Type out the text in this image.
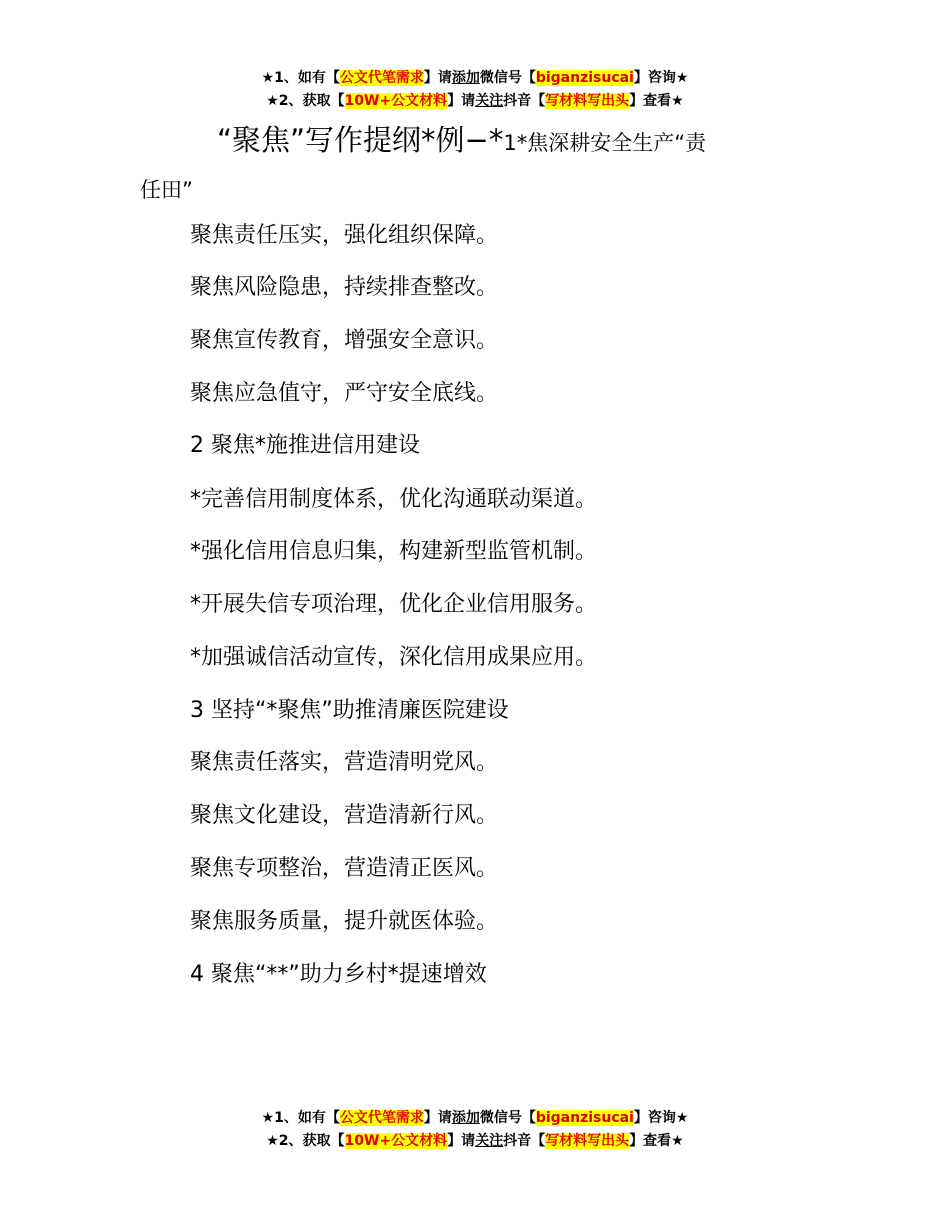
★1、如有【公文代笔需求】请添加微信号【biganzisucai】咨询★
★2、获取【10W+公文材料】请关注抖音【写材料写出头】查看★
“聚焦”写作提纲*例−*1*焦深耕安全生产“责
任田”
聚焦责任压实，强化组织保障。
聚焦风险隐患，持续排查整改。
聚焦宣传教育，增强安全意识。
聚焦应急值守，严守安全底线。
2 聚焦*施推进信用建设
*完善信用制度体系，优化沟通联动渠道。
*强化信用信息归集，构建新型监管机制。
*开展失信专项治理，优化企业信用服务。
*加强诚信活动宣传，深化信用成果应用。
3 坚持“*聚焦”助推清廉医院建设
聚焦责任落实，营造清明党风。
聚焦文化建设，营造清新行风。
聚焦专项整治，营造清正医风。
聚焦服务质量，提升就医体验。
4 聚焦“**”助力乡村*提速增效
★1、如有【公文代笔需求】请添加微信号【biganzisucai】咨询★
★2、获取【10W+公文材料】请关注抖音【写材料写出头】查看★
